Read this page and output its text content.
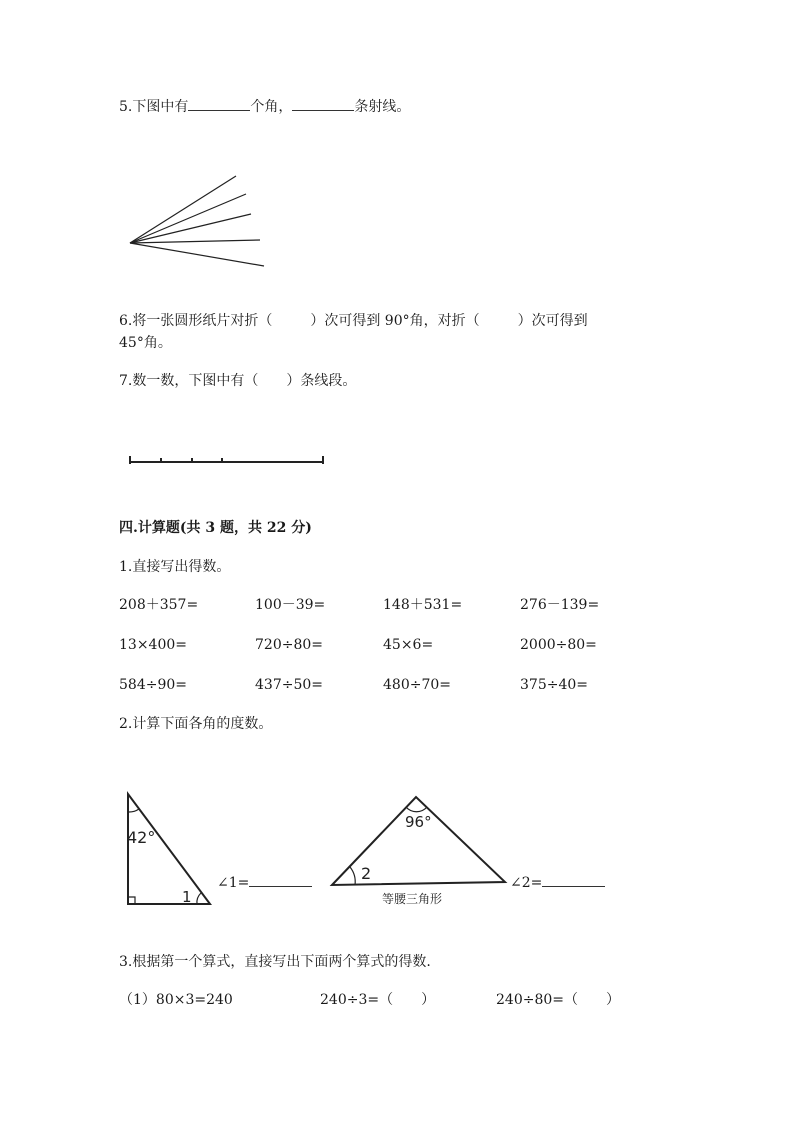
5.下图中有	个角，	条射线。
42°
1
96°
2
等腰三角形
6.将一张圆形纸片对折（	）次可得到 90°角，对折（	）次可得到
45°角。
7.数一数，下图中有（　　）条线段。
四.计算题(共 3 题，共 22 分)
1.直接写出得数。
208＋357=	100－39=	148＋531=	276－139=
13×400=	720÷80=	45×6=	2000÷80=
584÷90=	437÷50=	480÷70=	375÷40=
2.计算下面各角的度数。
∠1=	∠2=
3.根据第一个算式，直接写出下面两个算式的得数.
（1）80×3=240	240÷3=（　　）	240÷80=（　　）
